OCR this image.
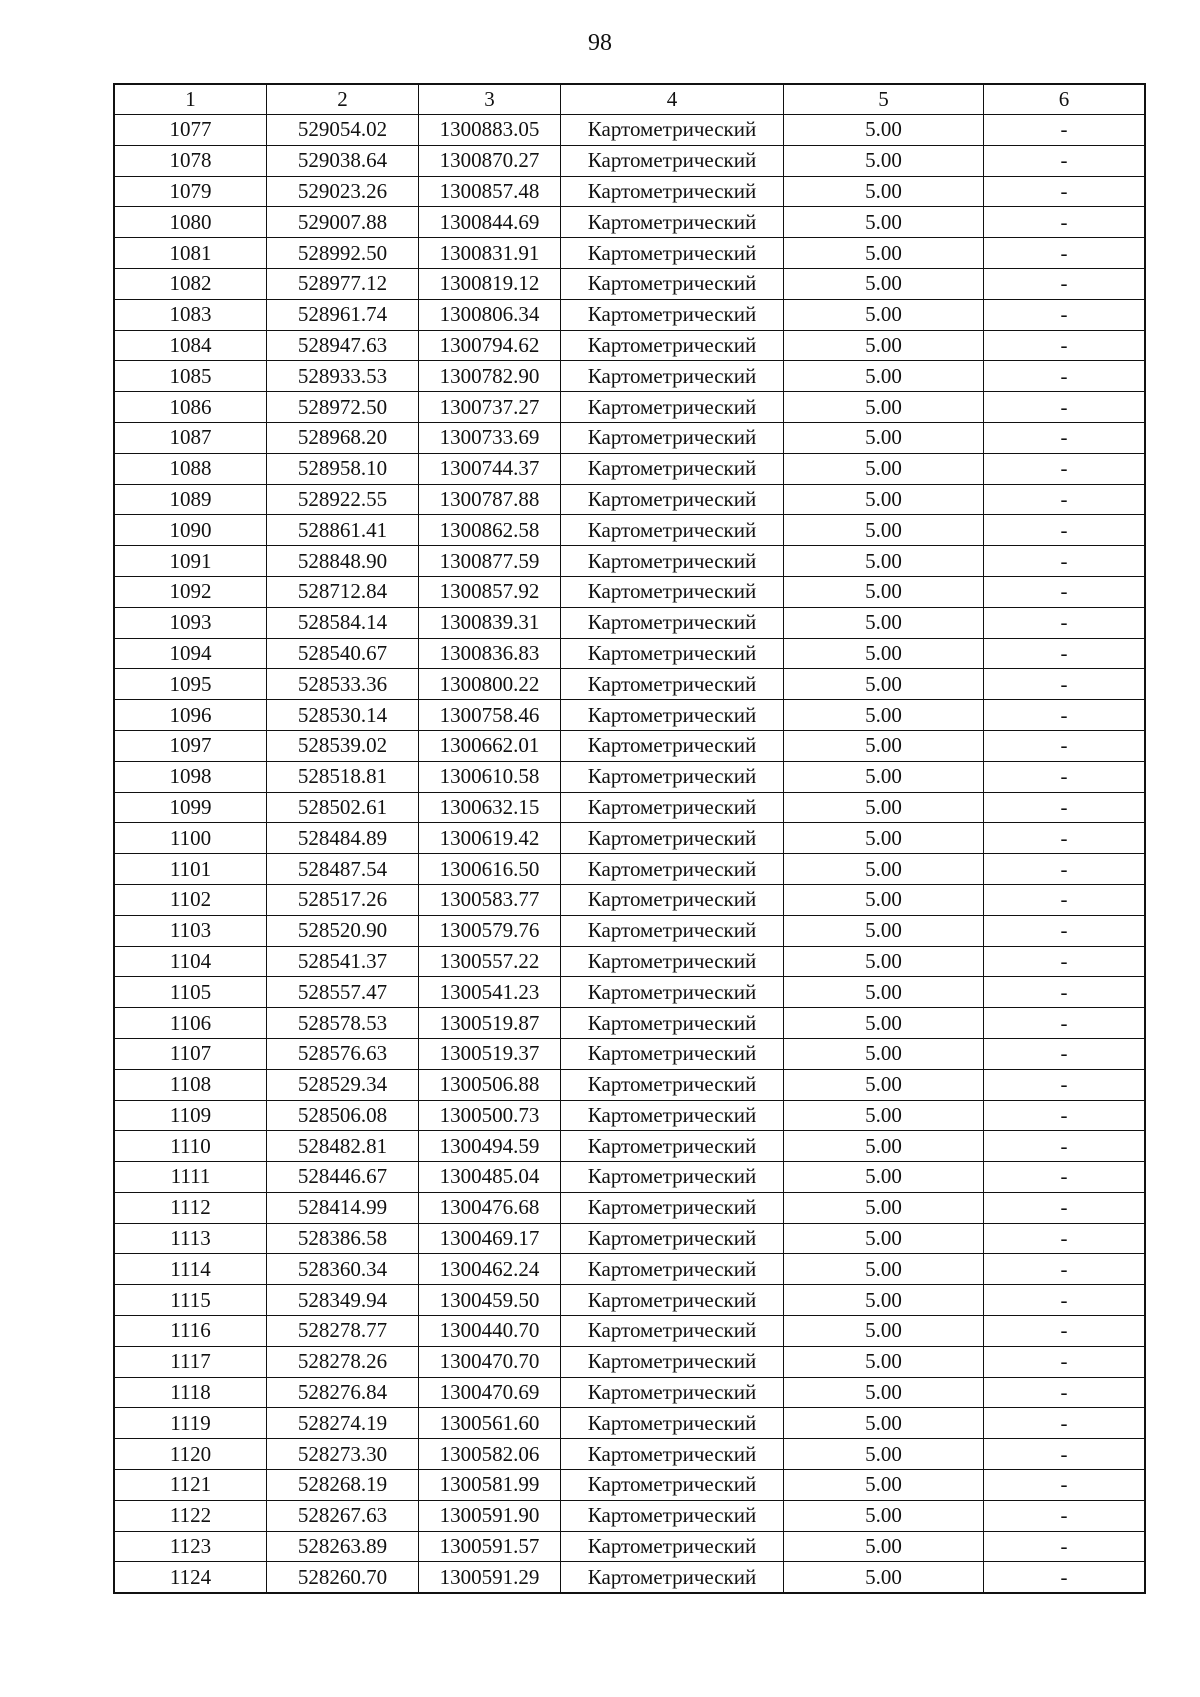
98
1	2	3	4	5	6
1077	529054.02	1300883.05	Картометрический	5.00	-
1078	529038.64	1300870.27	Картометрический	5.00	-
1079	529023.26	1300857.48	Картометрический	5.00	-
1080	529007.88	1300844.69	Картометрический	5.00	-
1081	528992.50	1300831.91	Картометрический	5.00	-
1082	528977.12	1300819.12	Картометрический	5.00	-
1083	528961.74	1300806.34	Картометрический	5.00	-
1084	528947.63	1300794.62	Картометрический	5.00	-
1085	528933.53	1300782.90	Картометрический	5.00	-
1086	528972.50	1300737.27	Картометрический	5.00	-
1087	528968.20	1300733.69	Картометрический	5.00	-
1088	528958.10	1300744.37	Картометрический	5.00	-
1089	528922.55	1300787.88	Картометрический	5.00	-
1090	528861.41	1300862.58	Картометрический	5.00	-
1091	528848.90	1300877.59	Картометрический	5.00	-
1092	528712.84	1300857.92	Картометрический	5.00	-
1093	528584.14	1300839.31	Картометрический	5.00	-
1094	528540.67	1300836.83	Картометрический	5.00	-
1095	528533.36	1300800.22	Картометрический	5.00	-
1096	528530.14	1300758.46	Картометрический	5.00	-
1097	528539.02	1300662.01	Картометрический	5.00	-
1098	528518.81	1300610.58	Картометрический	5.00	-
1099	528502.61	1300632.15	Картометрический	5.00	-
1100	528484.89	1300619.42	Картометрический	5.00	-
1101	528487.54	1300616.50	Картометрический	5.00	-
1102	528517.26	1300583.77	Картометрический	5.00	-
1103	528520.90	1300579.76	Картометрический	5.00	-
1104	528541.37	1300557.22	Картометрический	5.00	-
1105	528557.47	1300541.23	Картометрический	5.00	-
1106	528578.53	1300519.87	Картометрический	5.00	-
1107	528576.63	1300519.37	Картометрический	5.00	-
1108	528529.34	1300506.88	Картометрический	5.00	-
1109	528506.08	1300500.73	Картометрический	5.00	-
1110	528482.81	1300494.59	Картометрический	5.00	-
1111	528446.67	1300485.04	Картометрический	5.00	-
1112	528414.99	1300476.68	Картометрический	5.00	-
1113	528386.58	1300469.17	Картометрический	5.00	-
1114	528360.34	1300462.24	Картометрический	5.00	-
1115	528349.94	1300459.50	Картометрический	5.00	-
1116	528278.77	1300440.70	Картометрический	5.00	-
1117	528278.26	1300470.70	Картометрический	5.00	-
1118	528276.84	1300470.69	Картометрический	5.00	-
1119	528274.19	1300561.60	Картометрический	5.00	-
1120	528273.30	1300582.06	Картометрический	5.00	-
1121	528268.19	1300581.99	Картометрический	5.00	-
1122	528267.63	1300591.90	Картометрический	5.00	-
1123	528263.89	1300591.57	Картометрический	5.00	-
1124	528260.70	1300591.29	Картометрический	5.00	-
